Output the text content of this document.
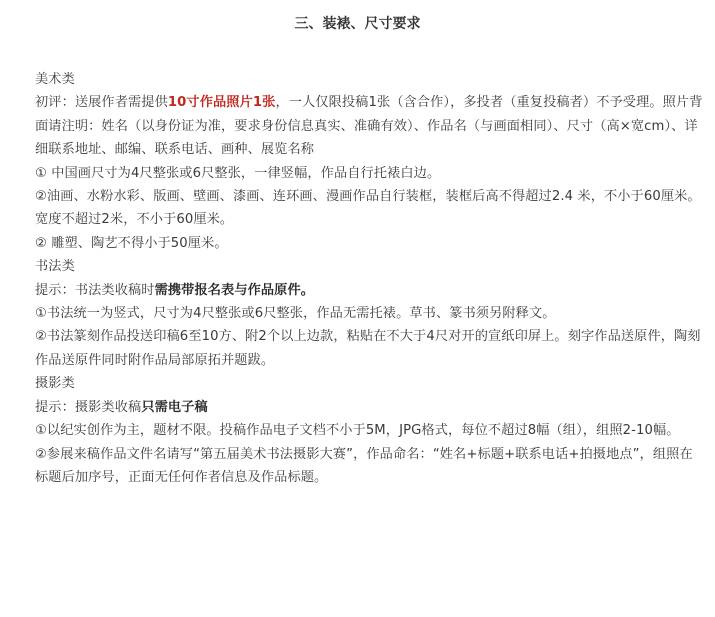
三、装裱、尺寸要求

美术类

初评：送展作者需提供10寸作品照片1张，一人仅限投稿1张（含合作），多投者（重复投稿者）不予受理。照片背面请注明：姓名（以身份证为准，要求身份信息真实、准确有效）、作品名（与画面相同）、尺寸（高×宽cm）、详细联系地址、邮编、联系电话、画种、展览名称

① 中国画尺寸为4尺整张或6尺整张，一律竖幅，作品自行托裱白边。

②油画、水粉水彩、版画、壁画、漆画、连环画、漫画作品自行装框，装框后高不得超过2.4 米，不小于60厘米。宽度不超过2米，不小于60厘米。

② 雕塑、陶艺不得小于50厘米。

书法类

提示：书法类收稿时需携带报名表与作品原件。

①书法统一为竖式，尺寸为4尺整张或6尺整张，作品无需托裱。草书、篆书须另附释文。

②书法篆刻作品投送印稿6至10方、附2个以上边款，粘贴在不大于4尺对开的宣纸印屏上。刻字作品送原件，陶刻作品送原件同时附作品局部原拓并题跋。

摄影类

提示：摄影类收稿只需电子稿

①以纪实创作为主，题材不限。投稿作品电子文档不小于5M，JPG格式，每位不超过8幅（组），组照2-10幅。

②参展来稿作品文件名请写“第五届美术书法摄影大赛”，作品命名：“姓名+标题+联系电话+拍摄地点”，组照在标题后加序号，正面无任何作者信息及作品标题。
